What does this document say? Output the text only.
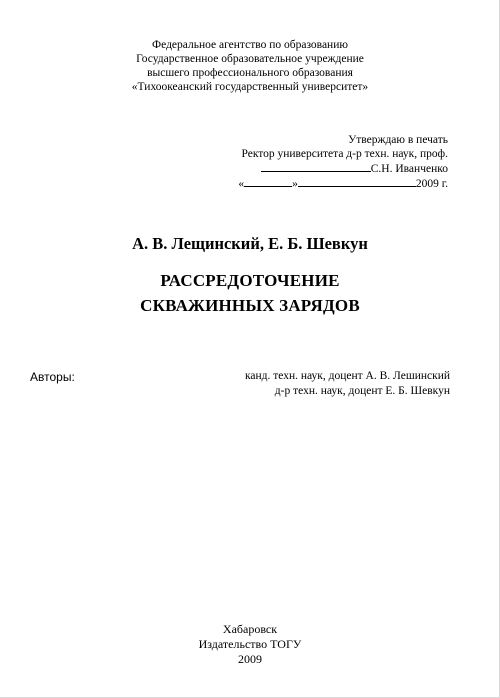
Федеральное агентство по образованию
Государственное образовательное учреждение
высшего профессионального образования
«Тихоокеанский государственный университет»
Утверждаю в печать
Ректор университета д-р техн. наук, проф.
С.Н. Иванченко
«	»	2009 г.
А. В. Лещинский, Е. Б. Шевкун
РАССРЕДОТОЧЕНИЕ
СКВАЖИННЫХ ЗАРЯДОВ
Авторы:	канд. техн. наук, доцент А. В. Лешинский
д-р техн. наук, доцент Е. Б. Шевкун
Хабаровск
Издательство ТОГУ
2009
